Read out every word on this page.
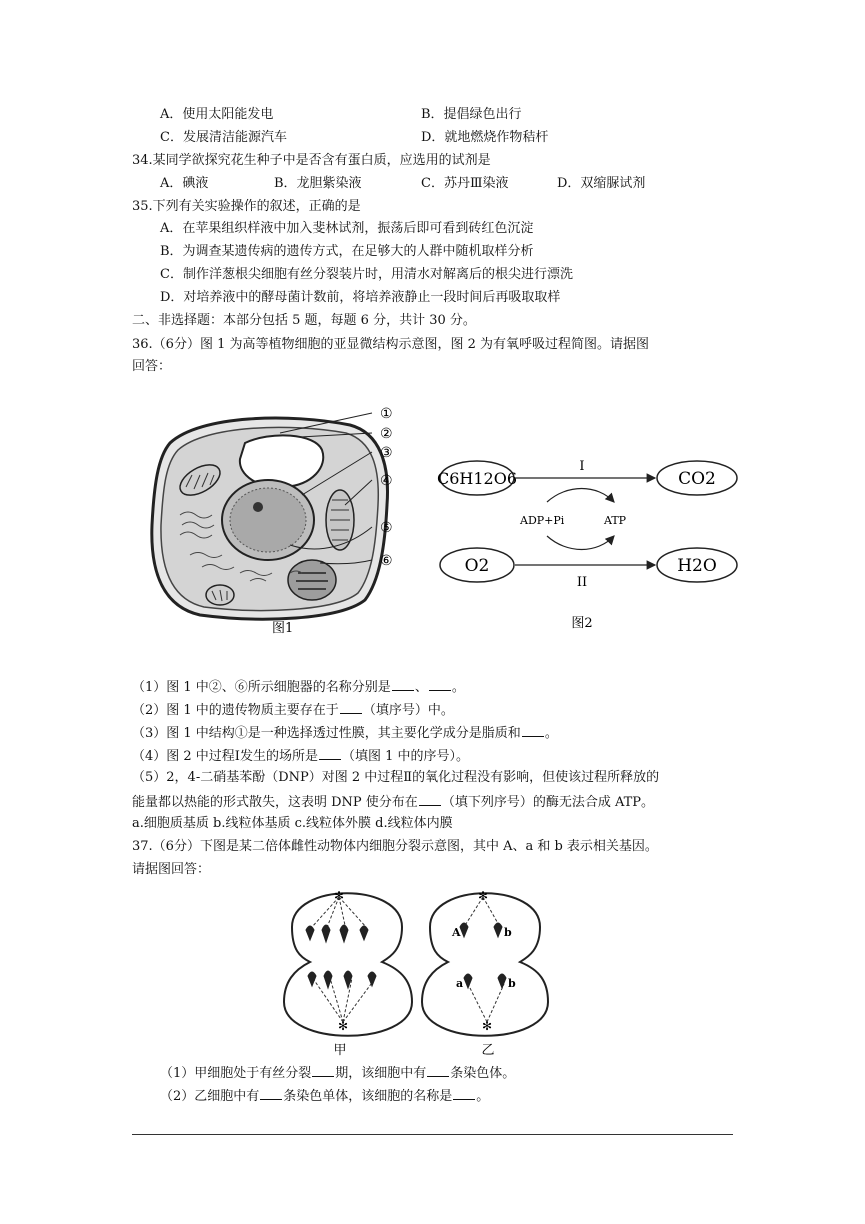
A．使用太阳能发电	B．提倡绿色出行
C．发展清洁能源汽车	D．就地燃烧作物秸杆
34.某同学欲探究花生种子中是否含有蛋白质，应选用的试剂是
A．碘液	B．龙胆紫染液	C．苏丹Ⅲ染液	D．双缩脲试剂
35.下列有关实验操作的叙述，正确的是
A．在苹果组织样液中加入斐林试剂，振荡后即可看到砖红色沉淀
B．为调查某遗传病的遗传方式，在足够大的人群中随机取样分析
C．制作洋葱根尖细胞有丝分裂装片时，用清水对解离后的根尖进行漂洗
D．对培养液中的酵母菌计数前，将培养液静止一段时间后再吸取取样
二、非选择题：本部分包括 5 题，每题 6 分，共计 30 分。
36.（6分）图 1 为高等植物细胞的亚显微结构示意图，图 2 为有氧呼吸过程简图。请据图
回答：
①
②
③
④
⑤
⑥
图1
C6H12O6	CO2
I
O2	H2O
II
ADP+Pi	ATP
图2
（1）图 1 中②、⑥所示细胞器的名称分别是 、 。
（2）图 1 中的遗传物质主要存在于 （填序号）中。
（3）图 1 中结构①是一种选择透过性膜，其主要化学成分是脂质和 。
（4）图 2 中过程Ⅰ发生的场所是 （填图 1 中的序号）。
（5）2，4-二硝基苯酚（DNP）对图 2 中过程Ⅱ的氧化过程没有影响，但使该过程所释放的
能量都以热能的形式散失，这表明 DNP 使分布在 （填下列序号）的酶无法合成 ATP。
a.细胞质基质 b.线粒体基质 c.线粒体外膜 d.线粒体内膜
37.（6分）下图是某二倍体雌性动物体内细胞分裂示意图，其中 A、a 和 b 表示相关基因。
请据图回答：
✻
✻
甲
✻
A	b
✻
a	b
乙
（1）甲细胞处于有丝分裂 期，该细胞中有 条染色体。
（2）乙细胞中有 条染色单体，该细胞的名称是 。
